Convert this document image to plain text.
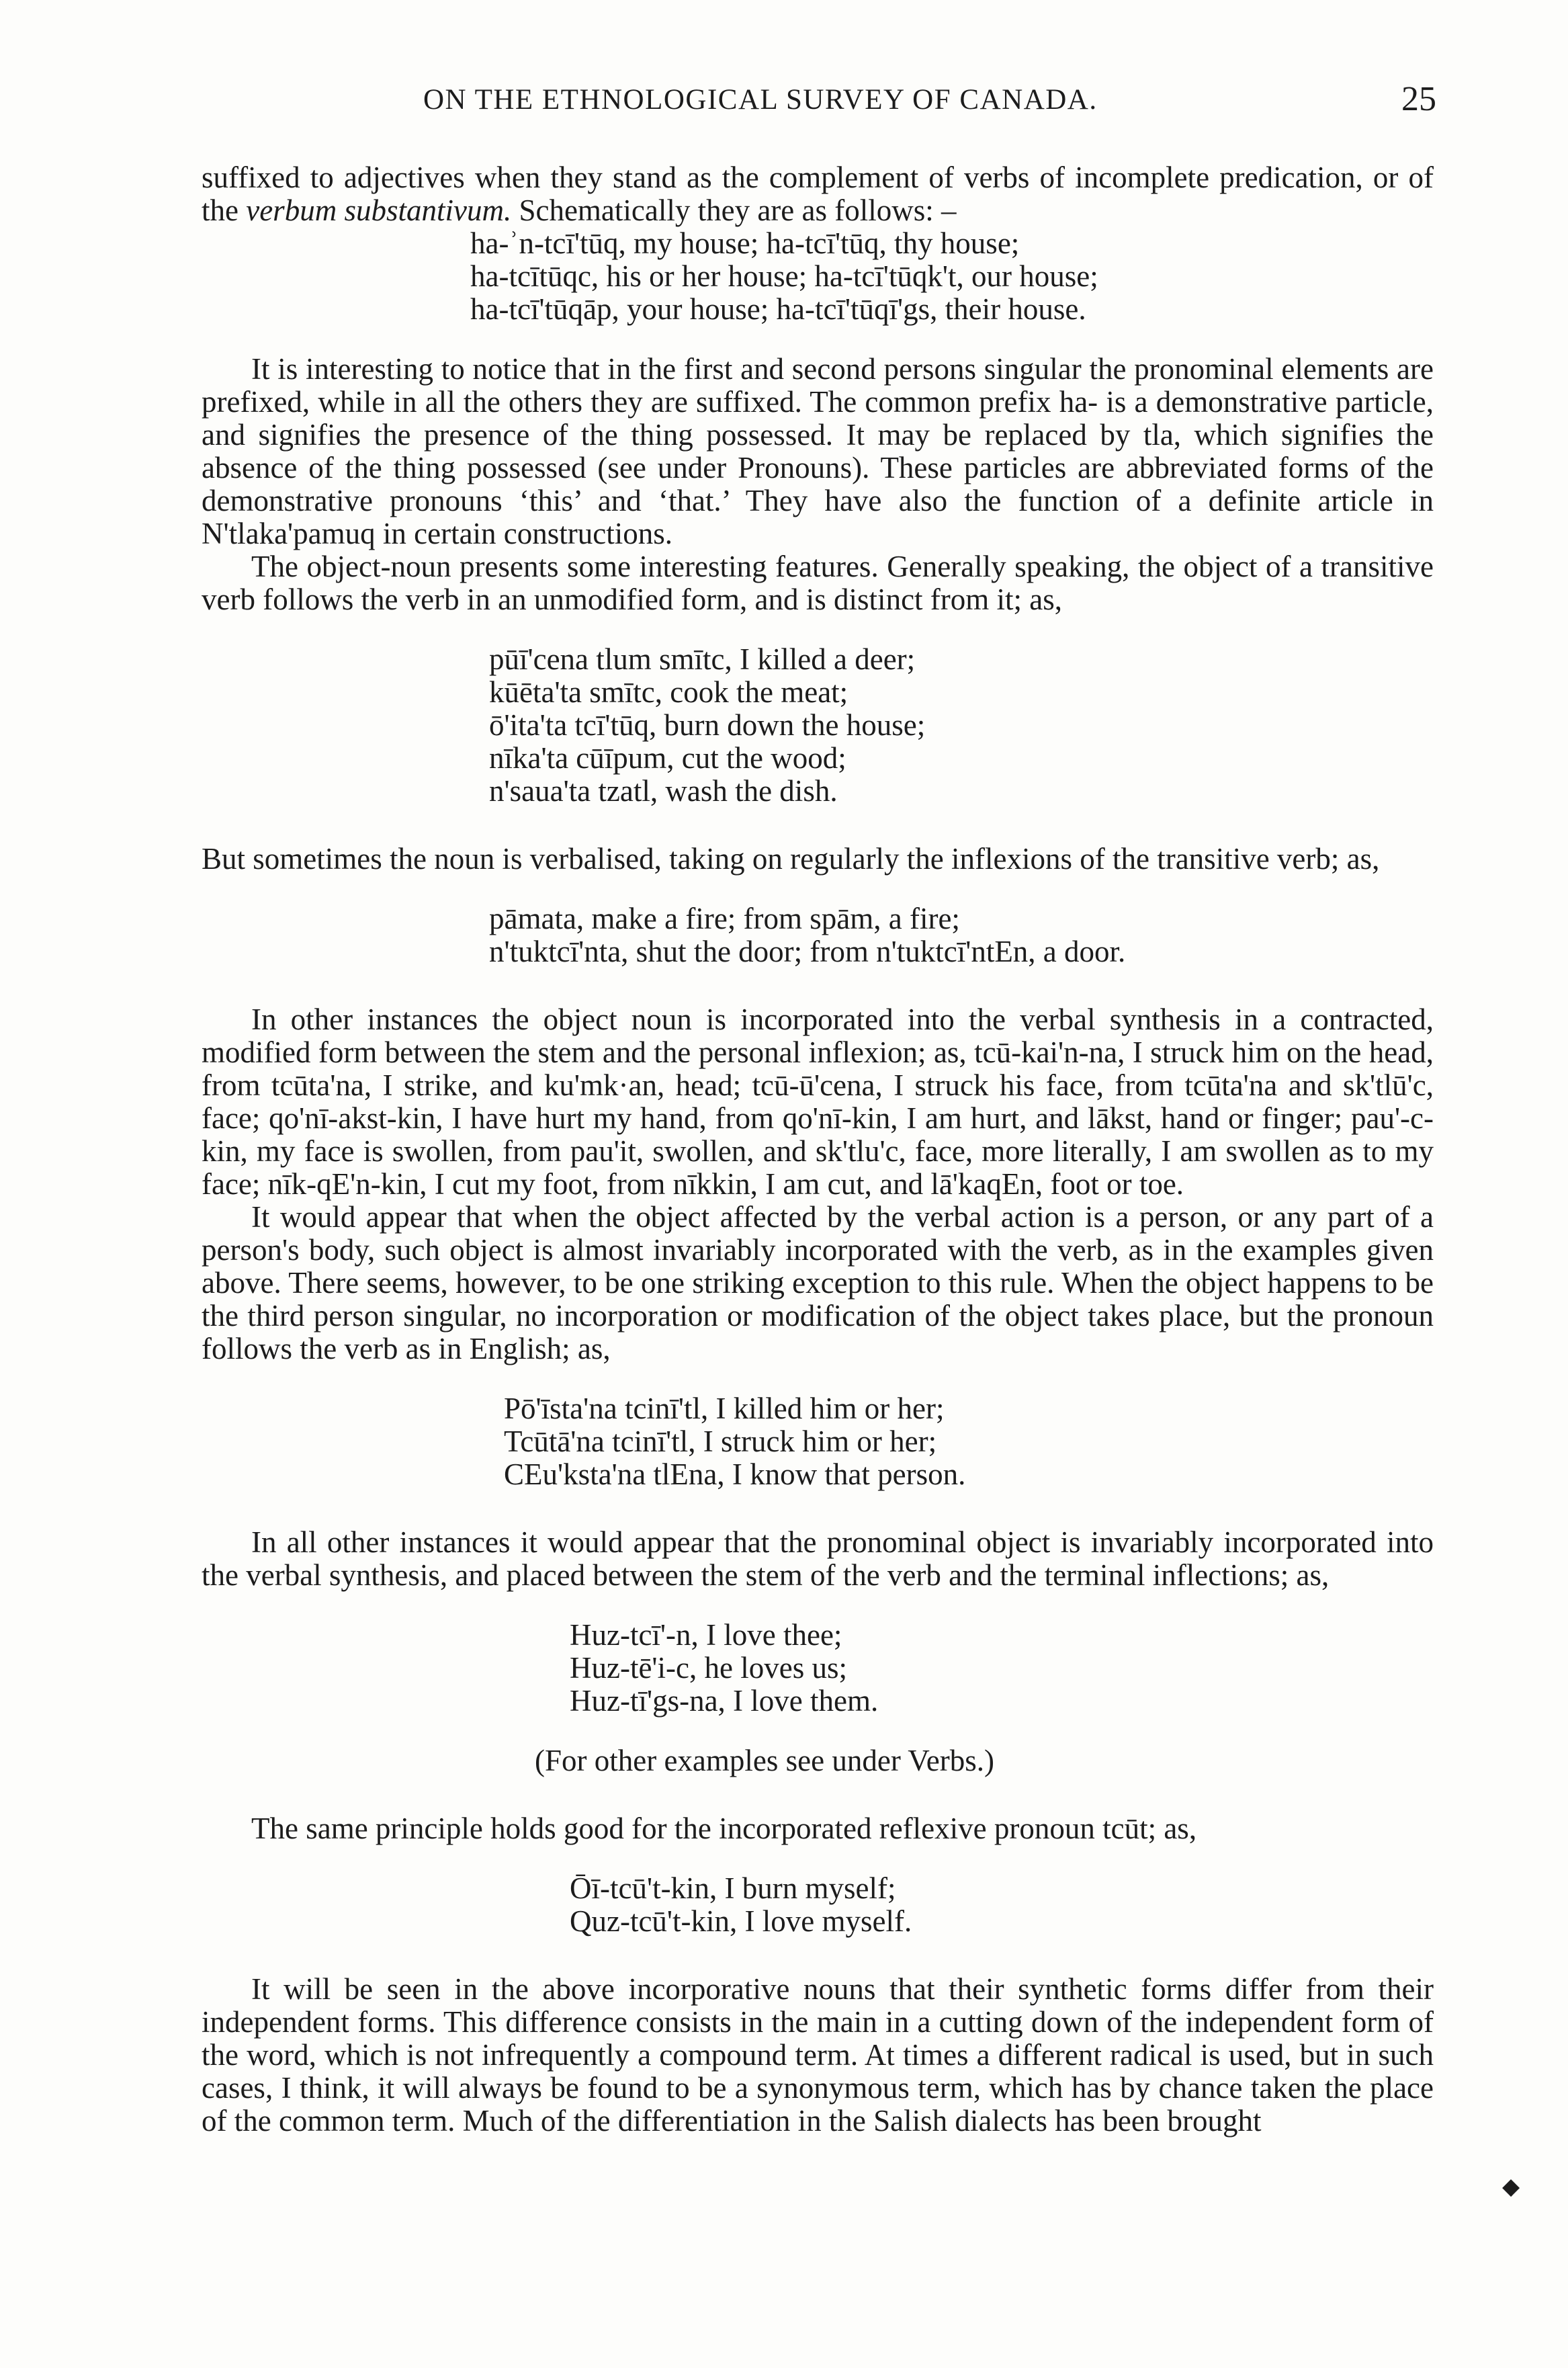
ON THE ETHNOLOGICAL SURVEY OF CANADA.	25

suffixed to adjectives when they stand as the complement of verbs of incomplete predication, or of the verbum substantivum. Schematically they are as follows: –

ha-ʾn-tcī'tūq, my house; ha-tcī'tūq, thy house;
ha-tcītūqc, his or her house; ha-tcī'tūqk't, our house;
ha-tcī'tūqāp, your house; ha-tcī'tūqī'gs, their house.

It is interesting to notice that in the first and second persons singular the pronominal elements are prefixed, while in all the others they are suffixed. The common prefix ha- is a demonstrative particle, and signifies the presence of the thing possessed. It may be replaced by tla, which signifies the absence of the thing possessed (see under Pronouns). These particles are abbreviated forms of the demonstrative pronouns ‘this’ and ‘that.’ They have also the function of a definite article in N'tlaka'pamuq in certain constructions.

The object-noun presents some interesting features. Generally speaking, the object of a transitive verb follows the verb in an unmodified form, and is distinct from it; as,

pūī'cena tlum smītc, I killed a deer;
kūēta'ta smītc, cook the meat;
ō'ita'ta tcī'tūq, burn down the house;
nīka'ta cūīpum, cut the wood;
n'saua'ta tzatl, wash the dish.

But sometimes the noun is verbalised, taking on regularly the inflexions of the transitive verb; as,

pāmata, make a fire; from spām, a fire;
n'tuktcī'nta, shut the door; from n'tuktcī'ntEn, a door.

In other instances the object noun is incorporated into the verbal synthesis in a contracted, modified form between the stem and the personal inflexion; as, tcū-kai'n-na, I struck him on the head, from tcūta'na, I strike, and ku'mk·an, head; tcū-ū'cena, I struck his face, from tcūta'na and sk'tlū'c, face; qo'nī-akst-kin, I have hurt my hand, from qo'nī-kin, I am hurt, and lākst, hand or finger; pau'-c-kin, my face is swollen, from pau'it, swollen, and sk'tlu'c, face, more literally, I am swollen as to my face; nīk-qE'n-kin, I cut my foot, from nīkkin, I am cut, and lā'kaqEn, foot or toe.

It would appear that when the object affected by the verbal action is a person, or any part of a person's body, such object is almost invariably incorporated with the verb, as in the examples given above. There seems, however, to be one striking exception to this rule. When the object happens to be the third person singular, no incorporation or modification of the object takes place, but the pronoun follows the verb as in English; as,

Pō'īsta'na tcinī'tl, I killed him or her;
Tcūtā'na tcinī'tl, I struck him or her;
CEu'ksta'na tlEna, I know that person.

In all other instances it would appear that the pronominal object is invariably incorporated into the verbal synthesis, and placed between the stem of the verb and the terminal inflections; as,

Huz-tcī'-n, I love thee;
Huz-tē'i-c, he loves us;
Huz-tī'gs-na, I love them.
(For other examples see under Verbs.)

The same principle holds good for the incorporated reflexive pronoun tcūt; as,

Ōī-tcū't-kin, I burn myself;
Quz-tcū't-kin, I love myself.

It will be seen in the above incorporative nouns that their synthetic forms differ from their independent forms. This difference consists in the main in a cutting down of the independent form of the word, which is not infrequently a compound term. At times a different radical is used, but in such cases, I think, it will always be found to be a synonymous term, which has by chance taken the place of the common term. Much of the differentiation in the Salish dialects has been brought

◆
